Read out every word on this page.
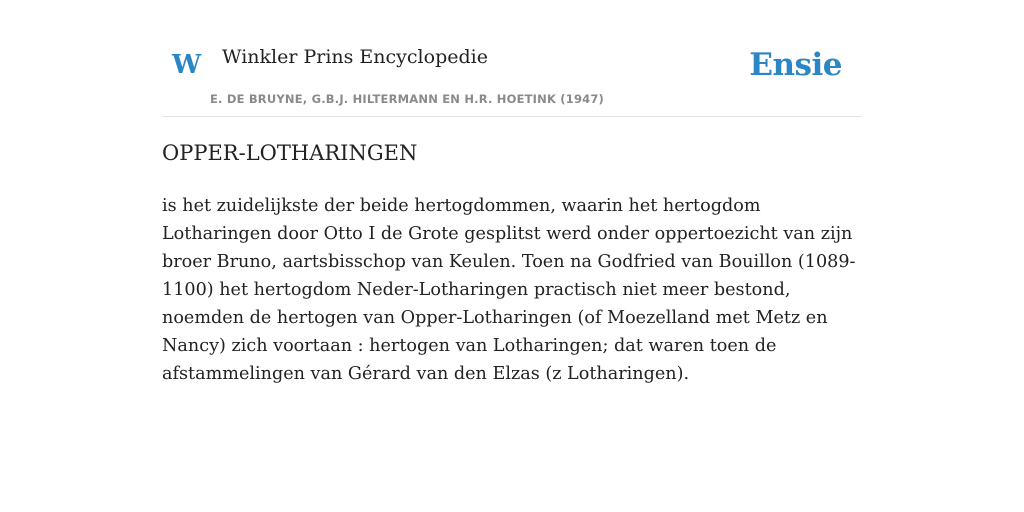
W Winkler Prins Encyclopedie
E. DE BRUYNE, G.B.J. HILTERMANN EN H.R. HOETINK (1947)
Ensie
OPPER-LOTHARINGEN

is het zuidelijkste der beide hertogdommen, waarin het hertogdom Lotharingen door Otto I de Grote gesplitst werd onder oppertoezicht van zijn broer Bruno, aartsbisschop van Keulen. Toen na Godfried van Bouillon (1089-1100) het hertogdom Neder-Lotharingen practisch niet meer bestond, noemden de hertogen van Opper-Lotharingen (of Moezelland met Metz en Nancy) zich voortaan : hertogen van Lotharingen; dat waren toen de afstammelingen van Gérard van den Elzas (z Lotharingen).
